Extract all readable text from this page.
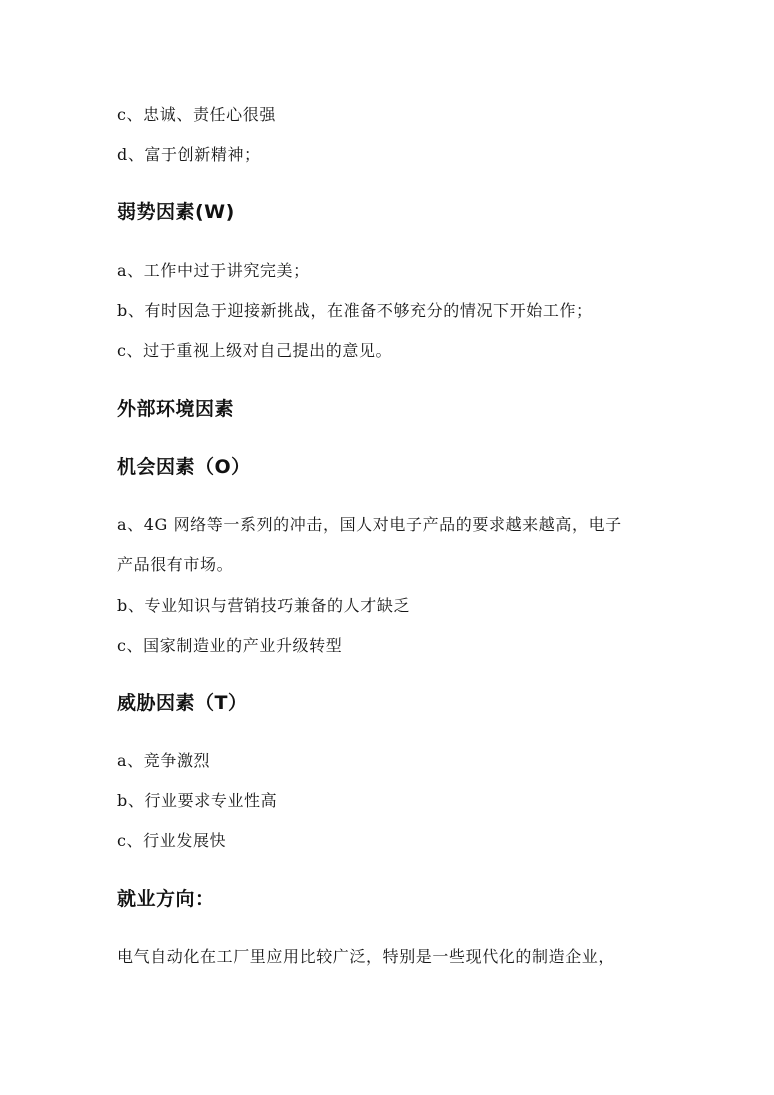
c、忠诚、责任心很强
d、富于创新精神；
弱势因素(W)
a、工作中过于讲究完美；
b、有时因急于迎接新挑战，在准备不够充分的情况下开始工作；
c、过于重视上级对自己提出的意见。
外部环境因素
机会因素（O）
a、4G 网络等一系列的冲击，国人对电子产品的要求越来越高，电子
产品很有市场。
b、专业知识与营销技巧兼备的人才缺乏
c、国家制造业的产业升级转型
威胁因素（T）
a、竞争激烈
b、行业要求专业性高
c、行业发展快
就业方向：
电气自动化在工厂里应用比较广泛，特别是一些现代化的制造企业，
